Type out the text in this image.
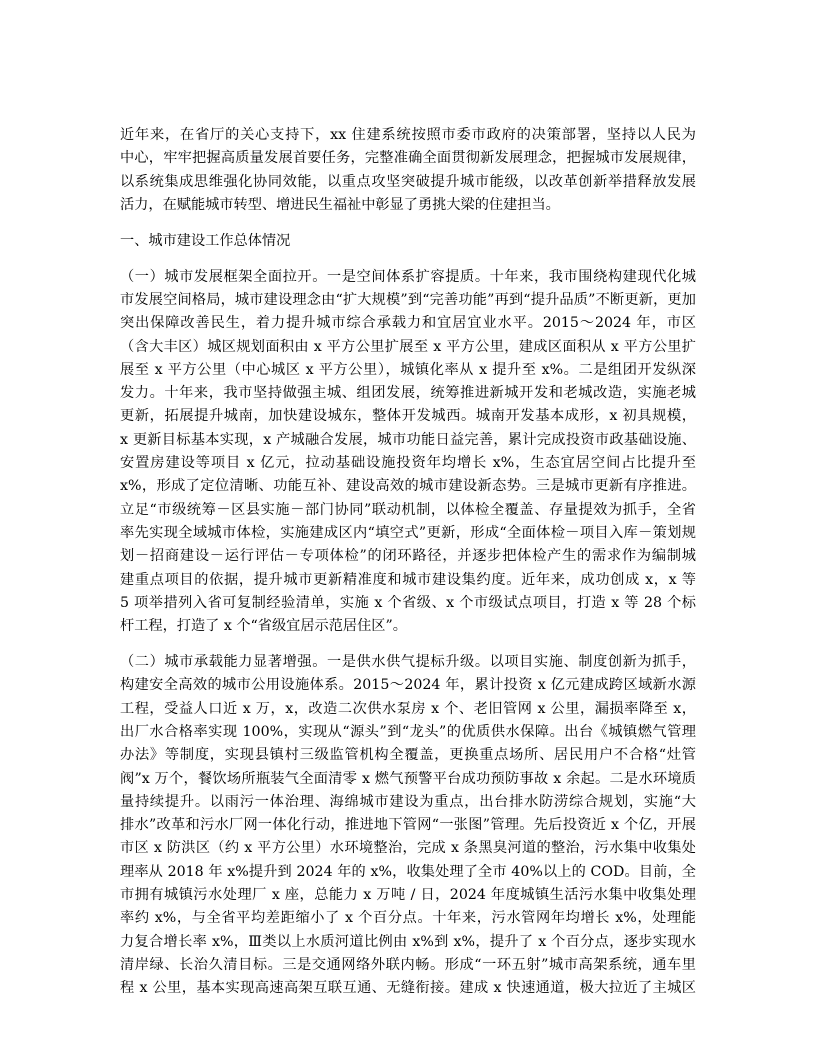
近年来，在省厅的关心支持下，xx 住建系统按照市委市政府的决策部署，坚持以人民为
中心，牢牢把握高质量发展首要任务，完整准确全面贯彻新发展理念，把握城市发展规律，
以系统集成思维强化协同效能，以重点攻坚突破提升城市能级，以改革创新举措释放发展
活力，在赋能城市转型、增进民生福祉中彰显了勇挑大梁的住建担当。
一、城市建设工作总体情况
（一）城市发展框架全面拉开。一是空间体系扩容提质。十年来，我市围绕构建现代化城
市发展空间格局，城市建设理念由“扩大规模”到“完善功能”再到“提升品质”不断更新，更加
突出保障改善民生，着力提升城市综合承载力和宜居宜业水平。2015～2024 年，市区
（含大丰区）城区规划面积由 x 平方公里扩展至 x 平方公里，建成区面积从 x 平方公里扩
展至 x 平方公里（中心城区 x 平方公里），城镇化率从 x 提升至 x%。二是组团开发纵深
发力。十年来，我市坚持做强主城、组团发展，统筹推进新城开发和老城改造，实施老城
更新，拓展提升城南，加快建设城东，整体开发城西。城南开发基本成形，x 初具规模，
x 更新目标基本实现，x 产城融合发展，城市功能日益完善，累计完成投资市政基础设施、
安置房建设等项目 x 亿元，拉动基础设施投资年均增长 x%，生态宜居空间占比提升至
x%，形成了定位清晰、功能互补、建设高效的城市建设新态势。三是城市更新有序推进。
立足“市级统筹－区县实施－部门协同”联动机制，以体检全覆盖、存量提效为抓手，全省
率先实现全域城市体检，实施建成区内“填空式”更新，形成“全面体检－项目入库－策划规
划－招商建设－运行评估－专项体检”的闭环路径，并逐步把体检产生的需求作为编制城
建重点项目的依据，提升城市更新精准度和城市建设集约度。近年来，成功创成 x，x 等
5 项举措列入省可复制经验清单，实施 x 个省级、x 个市级试点项目，打造 x 等 28 个标
杆工程，打造了 x 个“省级宜居示范居住区”。
（二）城市承载能力显著增强。一是供水供气提标升级。以项目实施、制度创新为抓手，
构建安全高效的城市公用设施体系。2015～2024 年，累计投资 x 亿元建成跨区域新水源
工程，受益人口近 x 万，x，改造二次供水泵房 x 个、老旧管网 x 公里，漏损率降至 x，
出厂水合格率实现 100%，实现从“源头”到“龙头”的优质供水保障。出台《城镇燃气管理
办法》等制度，实现县镇村三级监管机构全覆盖，更换重点场所、居民用户不合格“灶管
阀”x 万个，餐饮场所瓶装气全面清零 x 燃气预警平台成功预防事故 x 余起。二是水环境质
量持续提升。以雨污一体治理、海绵城市建设为重点，出台排水防涝综合规划，实施“大
排水”改革和污水厂网一体化行动，推进地下管网“一张图”管理。先后投资近 x 个亿，开展
市区 x 防洪区（约 x 平方公里）水环境整治，完成 x 条黑臭河道的整治，污水集中收集处
理率从 2018 年 x%提升到 2024 年的 x%，收集处理了全市 40%以上的 COD。目前，全
市拥有城镇污水处理厂 x 座，总能力 x 万吨 / 日，2024 年度城镇生活污水集中收集处理
率约 x%，与全省平均差距缩小了 x 个百分点。十年来，污水管网年均增长 x%，处理能
力复合增长率 x%，Ⅲ类以上水质河道比例由 x%到 x%，提升了 x 个百分点，逐步实现水
清岸绿、长治久清目标。三是交通网络外联内畅。形成“一环五射”城市高架系统，通车里
程 x 公里，基本实现高速高架互联互通、无缝衔接。建成 x 快速通道，极大拉近了主城区
